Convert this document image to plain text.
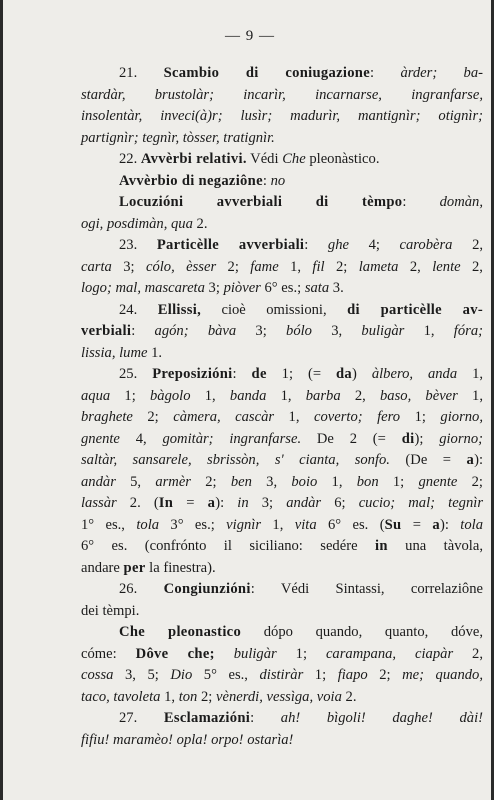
— 9 —
21. Scambio di coniugazione: àrder; ba-
stardàr, brustolàr; incarìr, incarnarse, ingranfarse,
insolentàr, inveci(à)r; lusìr; madurìr, mantignìr; otignìr;
partignìr; tegnìr, tòsser, tratignìr.
22. Avvèrbi relativi. Védi Che pleonàstico.
Avvèrbio di negaziône: no
Locuzióni avverbiali di tèmpo: domàn,
ogi, posdimàn, qua 2.
23. Particèlle avverbiali: ghe 4; carobèra 2,
carta 3; cólo, èsser 2; fame 1, fil 2; lameta 2, lente 2,
logo; mal, mascareta 3; piòver 6° es.; sata 3.
24. Ellissi, cioè omissioni, di particèlle av-
verbiali: agón; bàva 3; bólo 3, buligàr 1, fóra;
lissia, lume 1.
25. Preposizióni: de 1; (= da) àlbero, anda 1,
aqua 1; bàgolo 1, banda 1, barba 2, baso, bèver 1,
braghete 2; càmera, cascàr 1, coverto; fero 1; giorno,
gnente 4, gomitàr; ingranfarse. De 2 (= di); giorno;
saltàr, sansarele, sbrissòn, s' cianta, sonfo. (De = a):
andàr 5, armèr 2; ben 3, boio 1, bon 1; gnente 2;
lassàr 2. (In = a): in 3; andàr 6; cucio; mal; tegnìr
1° es., tola 3° es.; vignìr 1, vita 6° es. (Su = a): tola
6° es. (confrónto il siciliano: sedére in una tàvola,
andare per la finestra).
26. Congiunzióni: Védi Sintassi, correlaziône
dei tèmpi.
Che pleonastico dópo quando, quanto, dóve,
cóme: Dôve che; buligàr 1; carampana, ciapàr 2,
cossa 3, 5; Dio 5° es., distiràr 1; fiapo 2; me; quando,
taco, tavoleta 1, ton 2; vènerdi, vessìga, voia 2.
27. Esclamazióni: ah! bìgoli! daghe! dài!
fifiu! maramèo! opla! orpo! ostarìa!
